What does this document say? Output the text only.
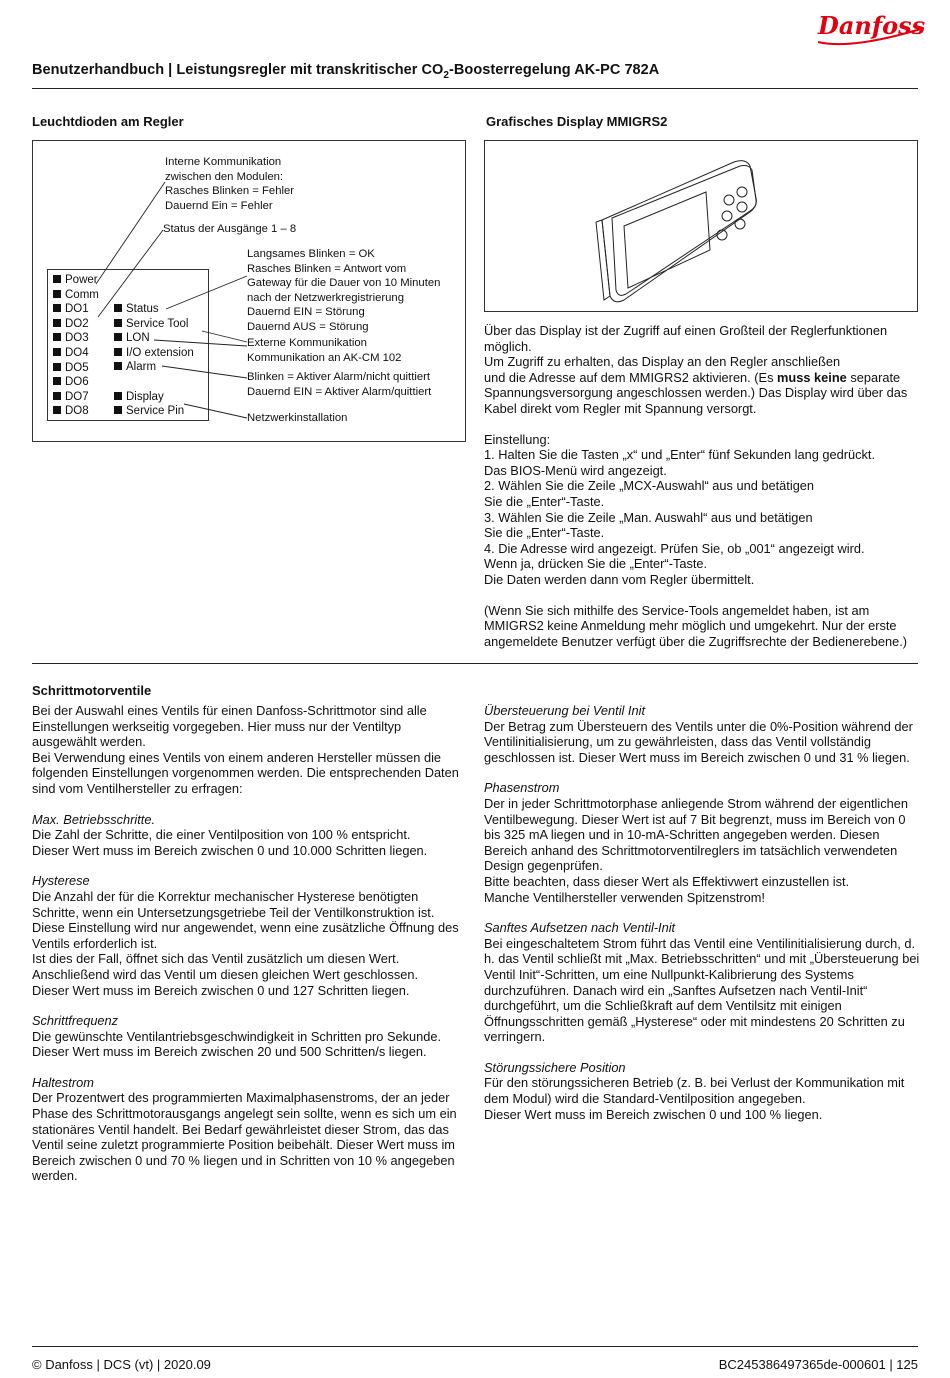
Danfoss
Benutzerhandbuch | Leistungsregler mit transkritischer $CO_2$-Boosterregelung AK-PC 782A
Leuchtdioden am Regler
Power
Comm
DO1
DO2
DO3
DO4
DO5
DO6
DO7
DO8
Status
Service Tool
LON
I/O extension
Alarm
Display
Service Pin
Interne Kommunikation
zwischen den Modulen:
Rasches Blinken = Fehler
Dauernd Ein = Fehler
Status der Ausgänge 1 – 8
Langsames Blinken = OK
Rasches Blinken = Antwort vom
Gateway für die Dauer von 10 Minuten
nach der Netzwerkregistrierung
Dauernd EIN = Störung
Dauernd AUS = Störung
Externe Kommunikation
Kommunikation an AK-CM 102
Blinken = Aktiver Alarm/nicht quittiert
Dauernd EIN = Aktiver Alarm/quittiert
Netzwerkinstallation
Grafisches Display MMIGRS2

Über das Display ist der Zugriff auf einen Großteil der Reglerfunktionen möglich.
Um Zugriff zu erhalten, das Display an den Regler anschließen
und die Adresse auf dem MMIGRS2 aktivieren. (Es muss keine separate Spannungsversorgung angeschlossen werden.) Das Display wird über das Kabel direkt vom Regler mit Spannung versorgt.

Einstellung:
1. Halten Sie die Tasten „x“ und „Enter“ fünf Sekunden lang gedrückt.
Das BIOS-Menü wird angezeigt.
2. Wählen Sie die Zeile „MCX-Auswahl“ aus und betätigen
Sie die „Enter“-Taste.
3. Wählen Sie die Zeile „Man. Auswahl“ aus und betätigen
Sie die „Enter“-Taste.
4. Die Adresse wird angezeigt. Prüfen Sie, ob „001“ angezeigt wird.
Wenn ja, drücken Sie die „Enter“-Taste.
Die Daten werden dann vom Regler übermittelt.

(Wenn Sie sich mithilfe des Service-Tools angemeldet haben, ist am MMIGRS2 keine Anmeldung mehr möglich und umgekehrt. Nur der erste angemeldete Benutzer verfügt über die Zugriffsrechte der Bedienerebene.)

Schrittmotorventile

Bei der Auswahl eines Ventils für einen Danfoss-Schrittmotor sind alle Einstellungen werkseitig vorgegeben. Hier muss nur der Ventiltyp ausgewählt werden.
Bei Verwendung eines Ventils von einem anderen Hersteller müssen die folgenden Einstellungen vorgenommen werden. Die entsprechenden Daten sind vom Ventilhersteller zu erfragen:

Max. Betriebsschritte.

Die Zahl der Schritte, die einer Ventilposition von 100 % entspricht.
Dieser Wert muss im Bereich zwischen 0 und 10.000 Schritten liegen.

Hysterese

Die Anzahl der für die Korrektur mechanischer Hysterese benötigten Schritte, wenn ein Untersetzungsgetriebe Teil der Ventilkonstruktion ist.
Diese Einstellung wird nur angewendet, wenn eine zusätzliche Öffnung des Ventils erforderlich ist.
Ist dies der Fall, öffnet sich das Ventil zusätzlich um diesen Wert.
Anschließend wird das Ventil um diesen gleichen Wert geschlossen.
Dieser Wert muss im Bereich zwischen 0 und 127 Schritten liegen.

Schrittfrequenz

Die gewünschte Ventilantriebsgeschwindigkeit in Schritten pro Sekunde.
Dieser Wert muss im Bereich zwischen 20 und 500 Schritten/s liegen.

Haltestrom

Der Prozentwert des programmierten Maximalphasenstroms, der an jeder Phase des Schrittmotorausgangs angelegt sein sollte, wenn es sich um ein stationäres Ventil handelt. Bei Bedarf gewährleistet dieser Strom, das das Ventil seine zuletzt programmierte Position beibehält. Dieser Wert muss im Bereich zwischen 0 und 70 % liegen und in Schritten von 10 % angegeben werden.

Übersteuerung bei Ventil Init

Der Betrag zum Übersteuern des Ventils unter die 0%-Position während der Ventilinitialisierung, um zu gewährleisten, dass das Ventil vollständig geschlossen ist. Dieser Wert muss im Bereich zwischen 0 und 31 % liegen.

Phasenstrom

Der in jeder Schrittmotorphase anliegende Strom während der eigentlichen Ventilbewegung. Dieser Wert ist auf 7 Bit begrenzt, muss im Bereich von 0 bis 325 mA liegen und in 10-mA-Schritten angegeben werden. Diesen Bereich anhand des Schrittmotorventilreglers im tatsächlich verwendeten Design gegenprüfen.
Bitte beachten, dass dieser Wert als Effektivwert einzustellen ist.
Manche Ventilhersteller verwenden Spitzenstrom!

Sanftes Aufsetzen nach Ventil-Init

Bei eingeschaltetem Strom führt das Ventil eine Ventilinitialisierung durch, d. h. das Ventil schließt mit „Max. Betriebsschritten“ und mit „Übersteuerung bei Ventil Init“-Schritten, um eine Nullpunkt-Kalibrierung des Systems durchzuführen. Danach wird ein „Sanftes Aufsetzen nach Ventil-Init“ durchgeführt, um die Schließkraft auf dem Ventilsitz mit einigen Öffnungsschritten gemäß „Hysterese“ oder mit mindestens 20 Schritten zu verringern.

Störungssichere Position

Für den störungssicheren Betrieb (z. B. bei Verlust der Kommunikation mit dem Modul) wird die Standard-Ventilposition angegeben.
Dieser Wert muss im Bereich zwischen 0 und 100 % liegen.

© Danfoss | DCS (vt) | 2020.09	BC245386497365de-000601 | 125
